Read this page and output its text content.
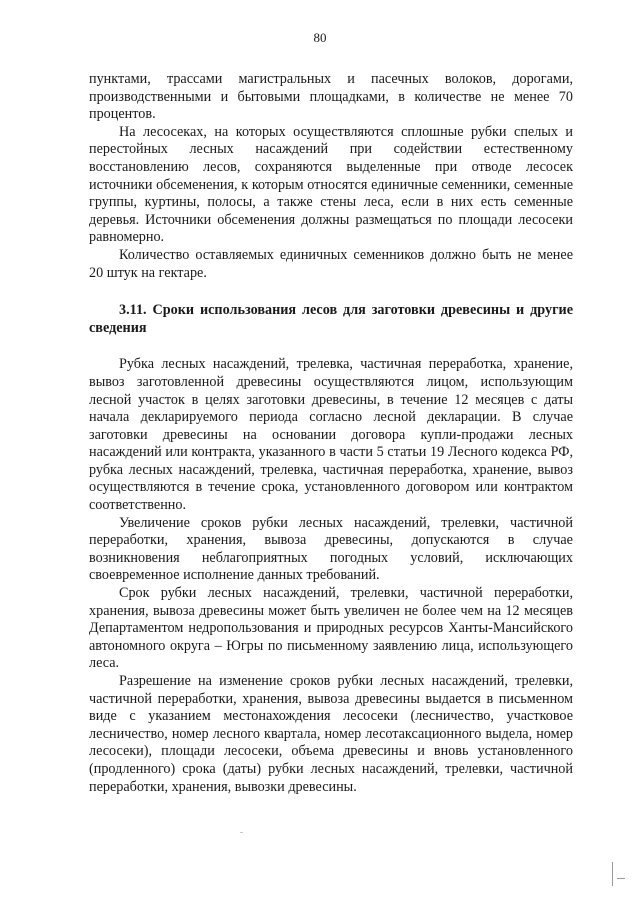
80

пунктами, трассами магистральных и пасечных волоков, дорогами, производственными и бытовыми площадками, в количестве не менее 70 процентов.

На лесосеках, на которых осуществляются сплошные рубки спелых и перестойных лесных насаждений при содействии естественному восстановлению лесов, сохраняются выделенные при отводе лесосек источники обсеменения, к которым относятся единичные семенники, семенные группы, куртины, полосы, а также стены леса, если в них есть семенные деревья. Источники обсеменения должны размещаться по площади лесосеки равномерно.

Количество оставляемых единичных семенников должно быть не менее 20 штук на гектаре.

3.11. Сроки использования лесов для заготовки древесины и другие сведения

Рубка лесных насаждений, трелевка, частичная переработка, хранение, вывоз заготовленной древесины осуществляются лицом, использующим лесной участок в целях заготовки древесины, в течение 12 месяцев с даты начала декларируемого периода согласно лесной декларации. В случае заготовки древесины на основании договора купли-продажи лесных насаждений или контракта, указанного в части 5 статьи 19 Лесного кодекса РФ, рубка лесных насаждений, трелевка, частичная переработка, хранение, вывоз осуществляются в течение срока, установленного договором или контрактом соответственно.

Увеличение сроков рубки лесных насаждений, трелевки, частичной переработки, хранения, вывоза древесины, допускаются в случае возникновения неблагоприятных погодных условий, исключающих своевременное исполнение данных требований.

Срок рубки лесных насаждений, трелевки, частичной переработки, хранения, вывоза древесины может быть увеличен не более чем на 12 месяцев Департаментом недропользования и природных ресурсов Ханты-Мансийского автономного округа – Югры по письменному заявлению лица, использующего леса.

Разрешение на изменение сроков рубки лесных насаждений, трелевки, частичной переработки, хранения, вывоза древесины выдается в письменном виде с указанием местонахождения лесосеки (лесничество, участковое лесничество, номер лесного квартала, номер лесотаксационного выдела, номер лесосеки), площади лесосеки, объема древесины и вновь установленного (продленного) срока (даты) рубки лесных насаждений, трелевки, частичной переработки, хранения, вывозки древесины.
